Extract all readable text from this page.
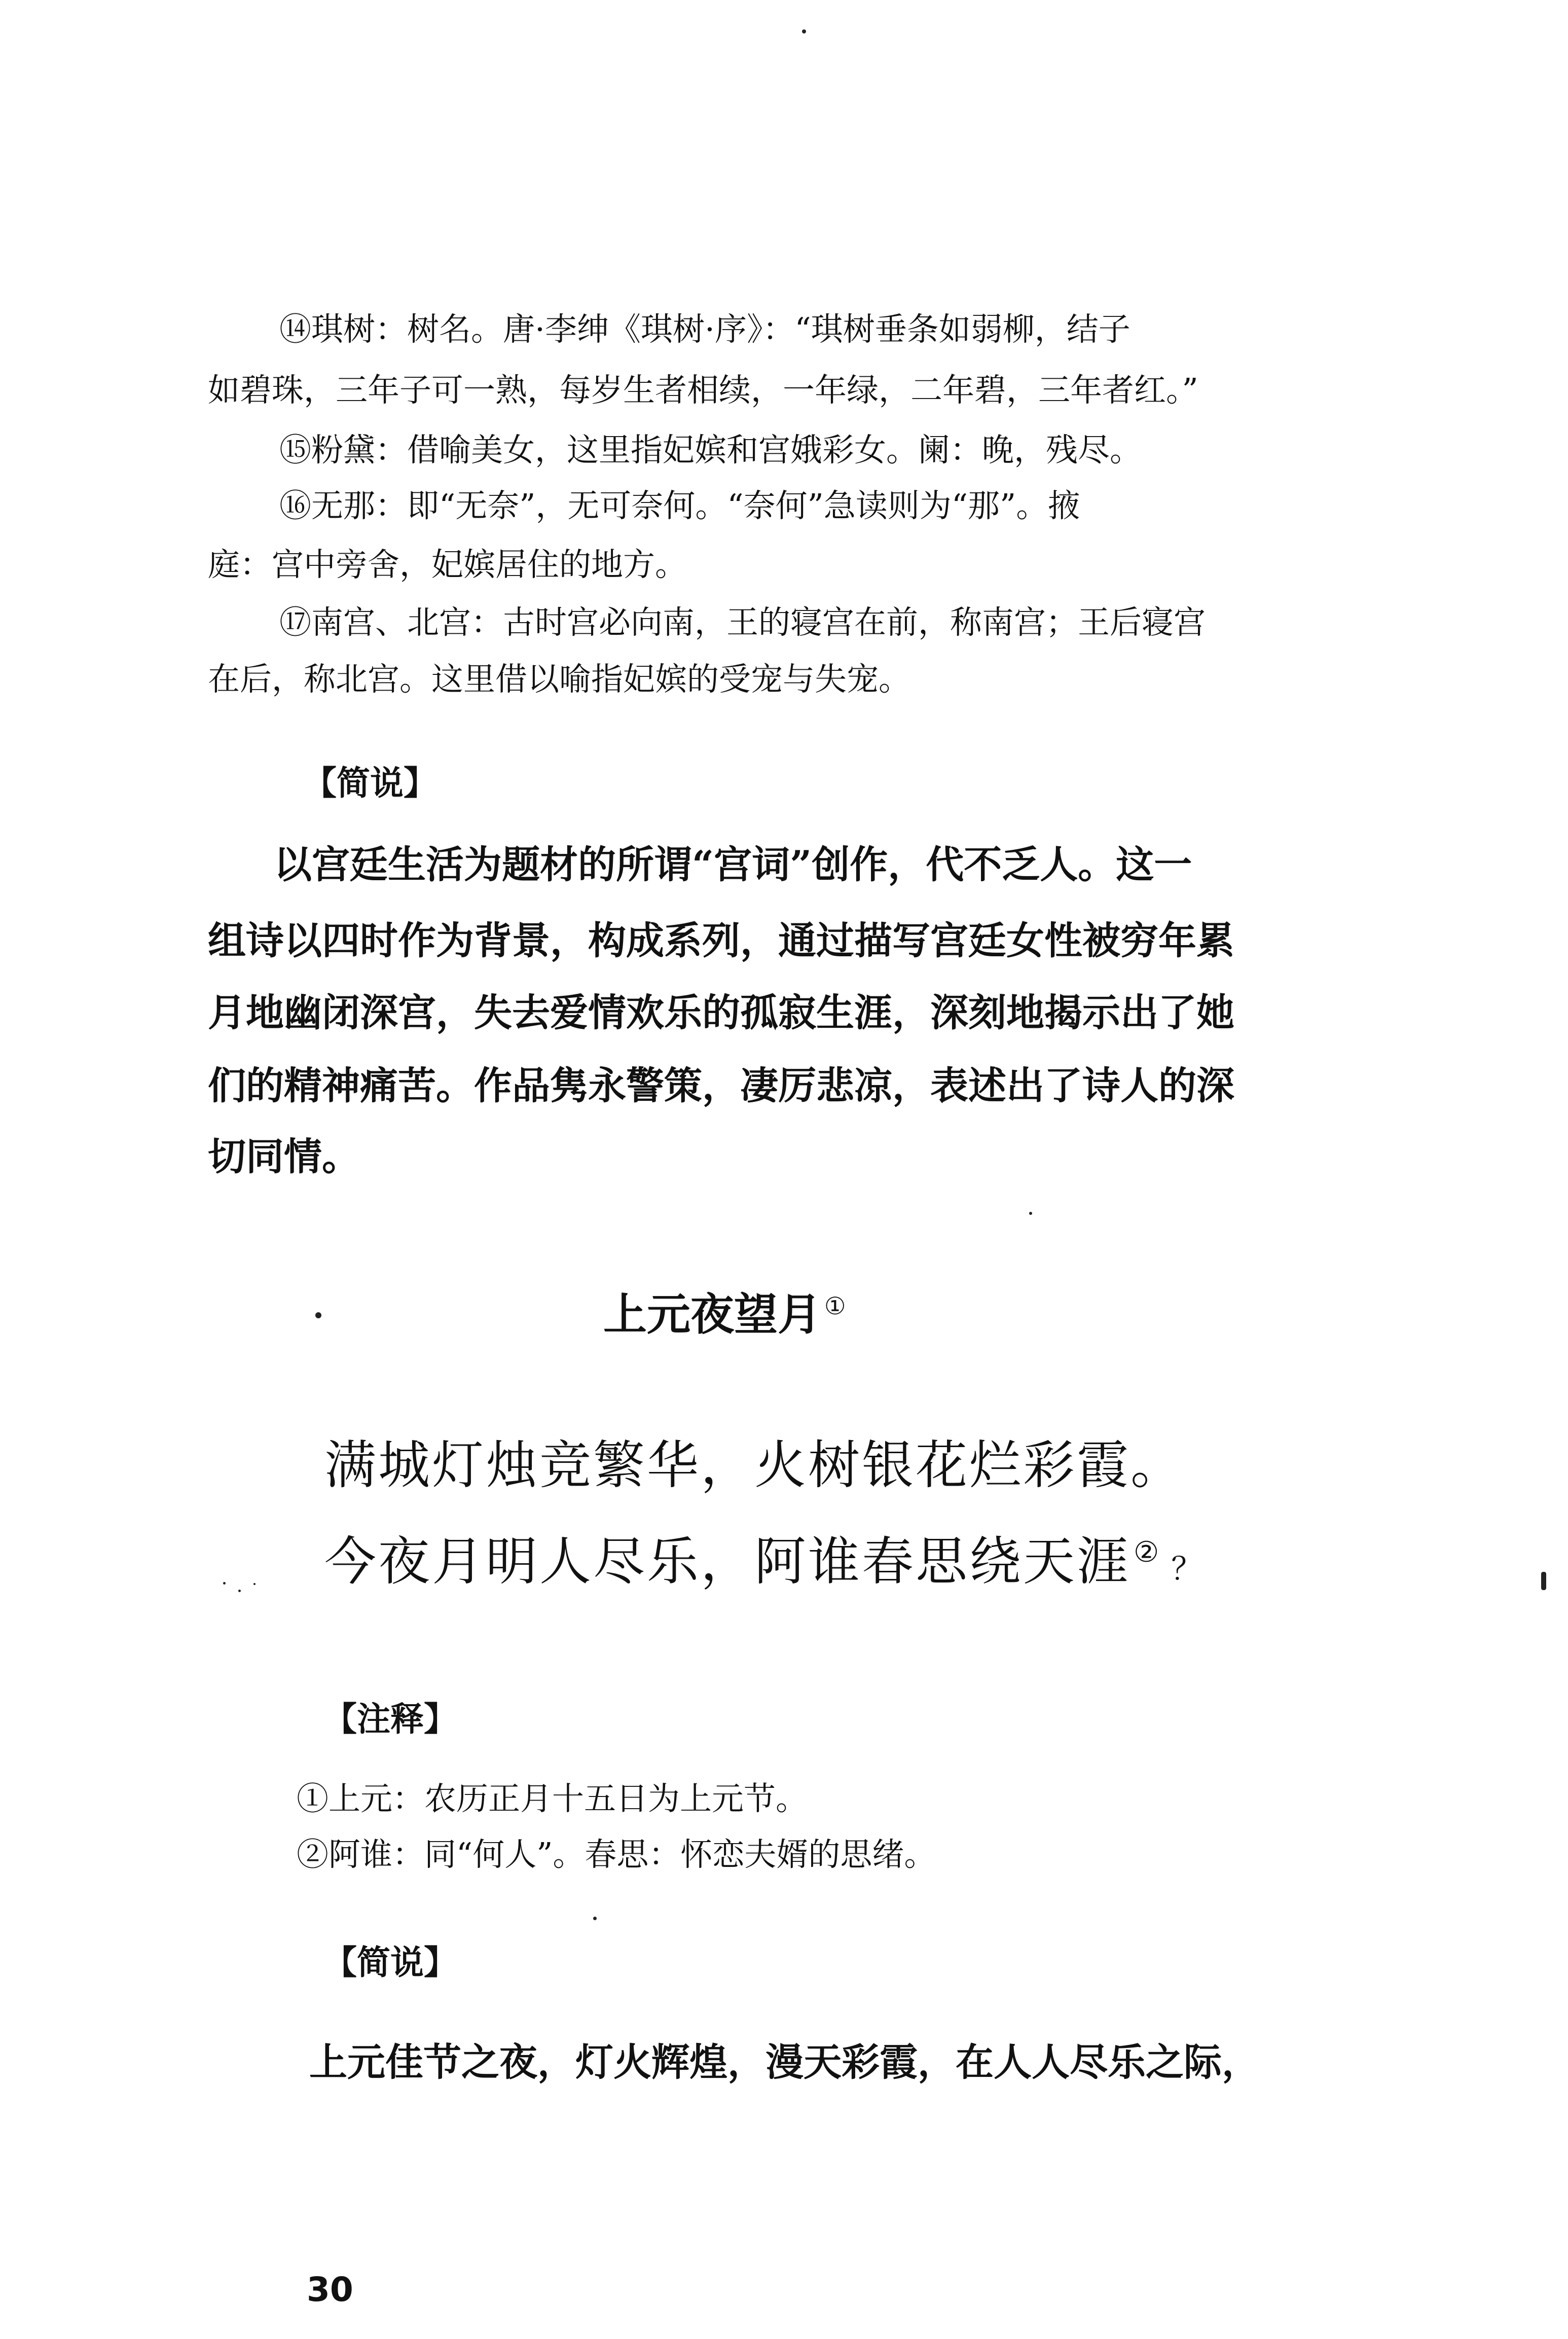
⑭琪树：树名。唐·李绅《琪树·序》：“琪树垂条如弱柳，结子
如碧珠，三年子可一熟，每岁生者相续，一年绿，二年碧，三年者红。”
⑮粉黛：借喻美女，这里指妃嫔和宫娥彩女。阑：晚，残尽。
⑯无那：即“无奈”，无可奈何。“奈何”急读则为“那”。掖
庭：宫中旁舍，妃嫔居住的地方。
⑰南宫、北宫：古时宫必向南，王的寝宫在前，称南宫；王后寝宫
在后，称北宫。这里借以喻指妃嫔的受宠与失宠。
【简说】
以宫廷生活为题材的所谓“宫词”创作，代不乏人。这一
组诗以四时作为背景，构成系列，通过描写宫廷女性被穷年累
月地幽闭深宫，失去爱情欢乐的孤寂生涯，深刻地揭示出了她
们的精神痛苦。作品隽永警策，凄厉悲凉，表述出了诗人的深
切同情。
上元夜望月 ①
满城灯烛竞繁华，火树银花烂彩霞。
今夜月明人尽乐，阿谁春思绕天涯 ② ？
【注释】
①上元：农历正月十五日为上元节。
②阿谁：同“何人”。春思：怀恋夫婿的思绪。
【简说】
上元佳节之夜，灯火辉煌，漫天彩霞，在人人尽乐之际，
30
